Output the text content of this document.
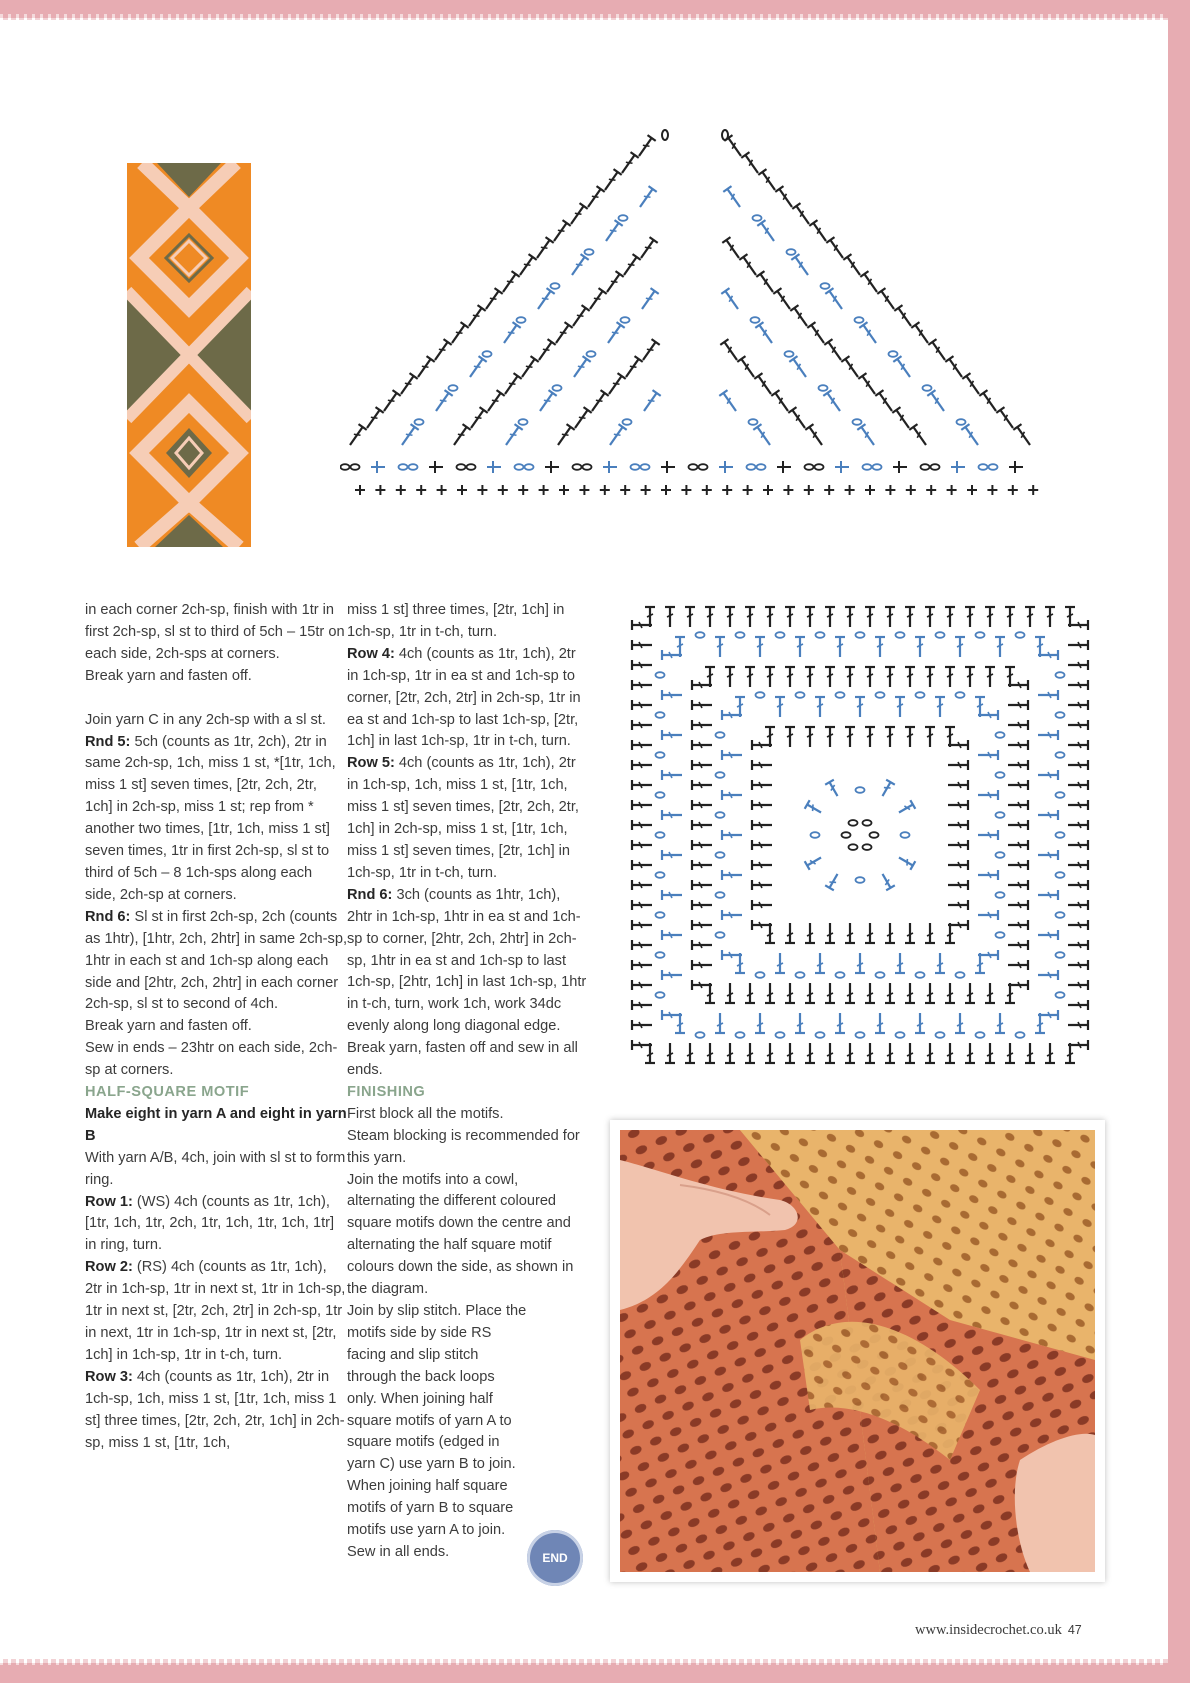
in each corner 2ch-sp, finish with 1tr in first 2ch-sp, sl st to third of 5ch – 15tr on each side, 2ch-sps at corners.

Break yarn and fasten off.

Join yarn C in any 2ch-sp with a sl st.

Rnd 5: 5ch (counts as 1tr, 2ch), 2tr in same 2ch-sp, 1ch, miss 1 st, *[1tr, 1ch, miss 1 st] seven times, [2tr, 2ch, 2tr, 1ch] in 2ch-sp, miss 1 st; rep from * another two times, [1tr, 1ch, miss 1 st] seven times, 1tr in first 2ch-sp, sl st to third of 5ch – 8 1ch-sps along each side, 2ch-sp at corners.

Rnd 6: Sl st in first 2ch-sp, 2ch (counts as 1htr), [1htr, 2ch, 2htr] in same 2ch-sp, 1htr in each st and 1ch-sp along each side and [2htr, 2ch, 2htr] in each corner 2ch-sp, sl st to second of 4ch.

Break yarn and fasten off.

Sew in ends – 23htr on each side, 2ch-sp at corners.

HALF-SQUARE MOTIF

Make eight in yarn A and eight in yarn B

With yarn A/B, 4ch, join with sl st to form ring.

Row 1: (WS) 4ch (counts as 1tr, 1ch), [1tr, 1ch, 1tr, 2ch, 1tr, 1ch, 1tr, 1ch, 1tr] in ring, turn.

Row 2: (RS) 4ch (counts as 1tr, 1ch), 2tr in 1ch-sp, 1tr in next st, 1tr in 1ch-sp, 1tr in next st, [2tr, 2ch, 2tr] in 2ch-sp, 1tr in next, 1tr in 1ch-sp, 1tr in next st, [2tr, 1ch] in 1ch-sp, 1tr in t-ch, turn.

Row 3: 4ch (counts as 1tr, 1ch), 2tr in 1ch-sp, 1ch, miss 1 st, [1tr, 1ch, miss 1 st] three times, [2tr, 2ch, 2tr, 1ch] in 2ch-sp, miss 1 st, [1tr, 1ch,

miss 1 st] three times, [2tr, 1ch] in 1ch-sp, 1tr in t-ch, turn.

Row 4: 4ch (counts as 1tr, 1ch), 2tr in 1ch-sp, 1tr in ea st and 1ch-sp to corner, [2tr, 2ch, 2tr] in 2ch-sp, 1tr in ea st and 1ch-sp to last 1ch-sp, [2tr, 1ch] in last 1ch-sp, 1tr in t-ch, turn.

Row 5: 4ch (counts as 1tr, 1ch), 2tr in 1ch-sp, 1ch, miss 1 st, [1tr, 1ch, miss 1 st] seven times, [2tr, 2ch, 2tr, 1ch] in 2ch-sp, miss 1 st, [1tr, 1ch, miss 1 st] seven times, [2tr, 1ch] in 1ch-sp, 1tr in t-ch, turn.

Rnd 6: 3ch (counts as 1htr, 1ch), 2htr in 1ch-sp, 1htr in ea st and 1ch-sp to corner, [2htr, 2ch, 2htr] in 2ch-sp, 1htr in ea st and 1ch-sp to last 1ch-sp, [2htr, 1ch] in last 1ch-sp, 1htr in t-ch, turn, work 1ch, work 34dc evenly along long diagonal edge.

Break yarn, fasten off and sew in all ends.

FINISHING

First block all the motifs.

Steam blocking is recommended for this yarn.

Join the motifs into a cowl, alternating the different coloured square motifs down the centre and alternating the half square motif colours down the side, as shown in the diagram.

Join by slip stitch. Place the motifs side by side RS facing and slip stitch through the back loops only. When joining half square motifs of yarn A to square motifs (edged in yarn C) use yarn B to join. When joining half square motifs of yarn B to square motifs use yarn A to join.

Sew in all ends.	END
www.insidecrochet.co.uk 47
